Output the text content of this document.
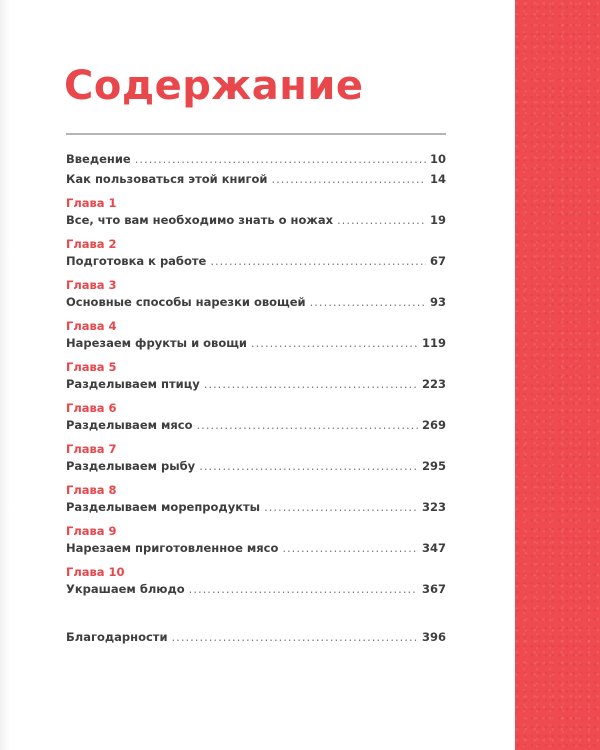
Содержание
Введение .....	10
Как пользоваться этой книгой .....	14
Глава 1
Все, что вам необходимо знать о ножах .....	19
Глава 2
Подготовка к работе .....	67
Глава 3
Основные способы нарезки овощей .....	93
Глава 4
Нарезаем фрукты и овощи .....	119
Глава 5
Разделываем птицу .....	223
Глава 6
Разделываем мясо .....	269
Глава 7
Разделываем рыбу .....	295
Глава 8
Разделываем морепродукты .....	323
Глава 9
Нарезаем приготовленное мясо .....	347
Глава 10
Украшаем блюдо .....	367
Благодарности .....	396
